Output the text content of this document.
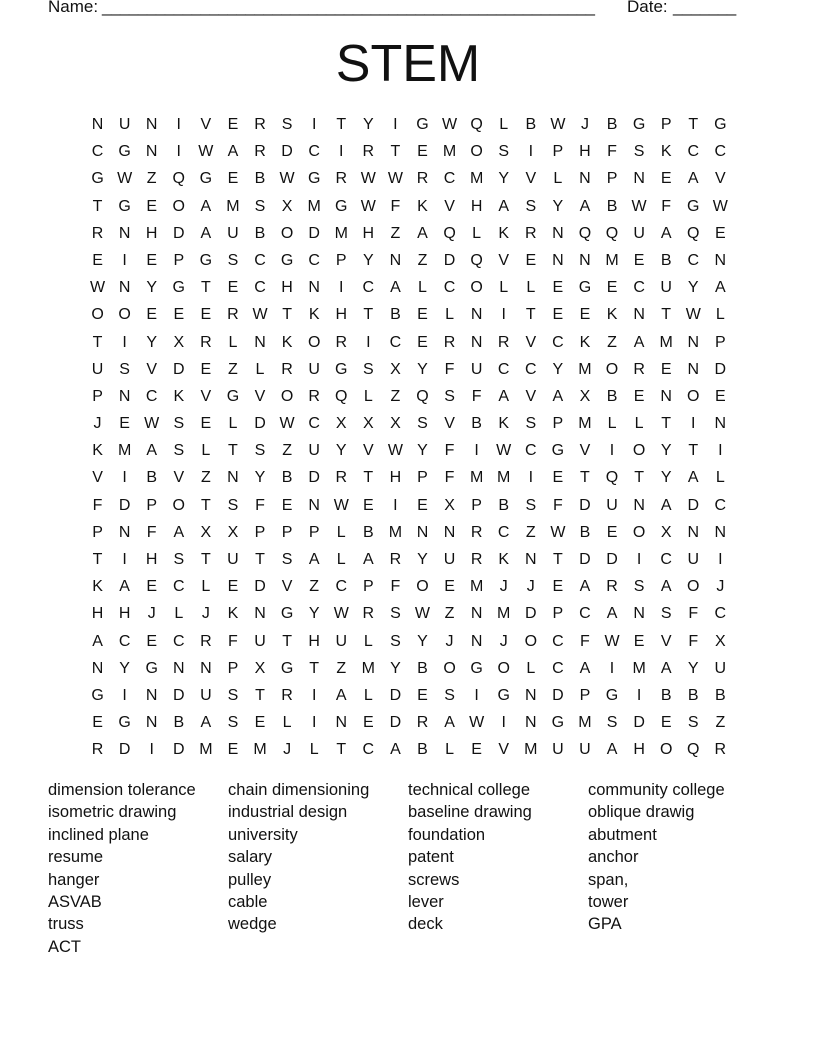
Name: _______________________________________________________ Date: _______
STEM
N U N	I	V	E R S	I	T	Y	I	G W Q	L	B W J	B G P	T G
C G N	I	W A R D C	I	R	T	E M O S	I	P H	F	S	K C C
G W Z Q G E	B W G R W W R C M Y	V	L	N P N E	A	V
T G E O A M S	X M G W F	K	V H A	S	Y	A	B W F G W
R N H D A U B O D M H	Z	A Q	L	K R N Q Q U A Q E
E	I	E	P G S C G C P	Y N	Z	D Q V	E N N M E	B C N
W N Y G T	E C H N	I	C A	L	C O	L	L	E G E C U Y	A
O O E	E	E R W T	K H	T	B	E	L	N	I	T	E	E	K N	T W L
T	I	Y	X R	L	N K O R	I	C E R N R V C K	Z	A M N P
U S	V D E	Z	L	R U G S	X	Y	F	U C C Y M O R E N D
P N C K	V G V O R Q	L	Z Q S	F	A	V	A	X	B	E N O E
J	E W S	E	L	D W C X	X	X	S	V	B	K	S	P M L	L	T	I	N
K M A	S	L	T	S	Z	U Y	V W Y	F	I	W C G V	I	O Y	T	I
V	I	B	V	Z	N Y	B D R	T	H P	F M M	I	E	T Q T	Y	A	L
F	D P O T	S	F	E N W E	I	E	X	P	B	S	F	D U N A D C
P N	F	A	X	X	P	P	P	L	B M N N R C	Z W B	E O X N N
T	I	H S	T	U	T	S	A	L	A R Y U R K N	T	D D	I	C U	I
K	A	E C	L	E D V	Z	C P	F O E M	J	J	E	A R S	A O	J
H H	J	L	J	K N G Y W R S W Z	N M D P C A N S	F	C
A C E C R	F	U	T	H U	L	S	Y	J	N	J	O C	F W E	V	F	X
N Y G N N P	X G T	Z M Y	B O G O	L	C A	I	M A	Y U
G	I	N D U S	T	R	I	A	L	D E	S	I	G N D P G	I	B	B	B
E G N B	A	S	E	L	I	N E D R A W	I	N G M S D E	S	Z
R D	I	D M E M	J	L	T	C A	B	L	E	V M U U A H O Q R
dimension tolerance
isometric drawing
inclined plane
resume
hanger
ASVAB
truss
ACT
chain dimensioning
industrial design
university
salary
pulley
cable
wedge
technical college
baseline drawing
foundation
patent
screws
lever
deck
community college
oblique drawig
abutment
anchor
span,
tower
GPA
